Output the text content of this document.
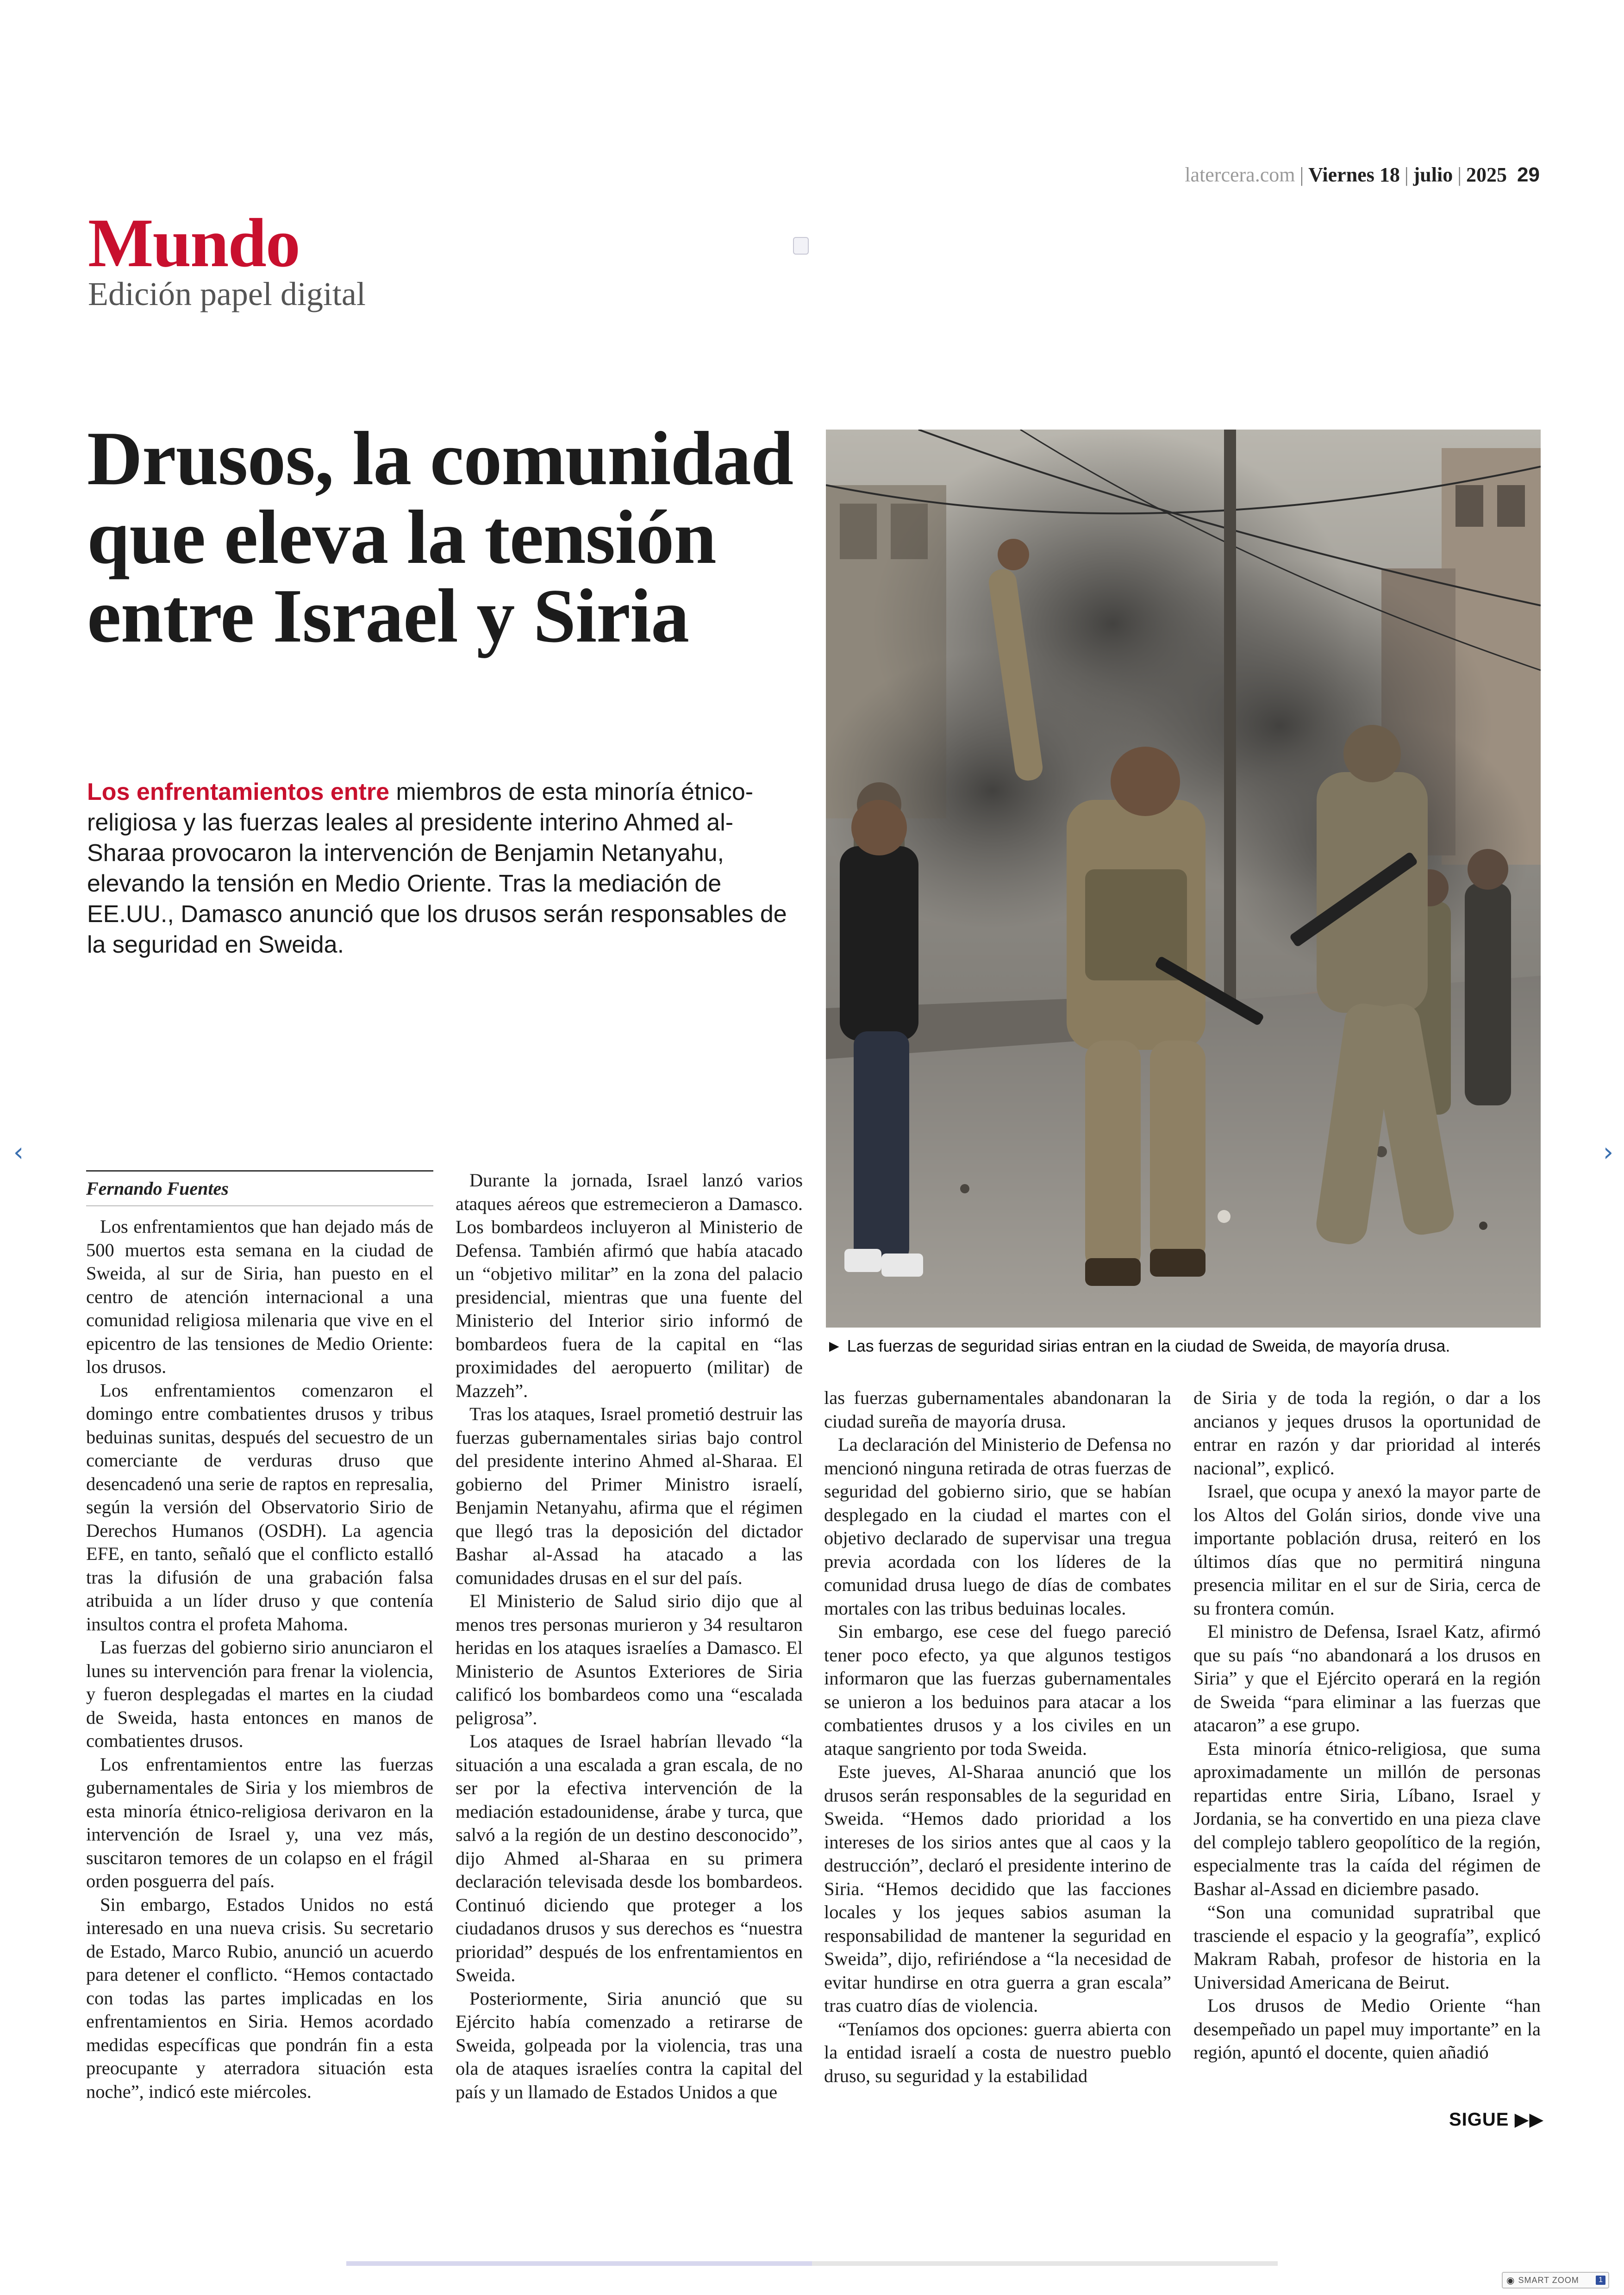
latercera.com | Viernes 18 | julio | 2025 29
Mundo
Edición papel digital
Drusos, la comunidad que eleva la tensión entre Israel y Siria
Los enfrentamientos entre miembros de esta minoría étnico-religiosa y las fuerzas leales al presidente interino Ahmed al-Sharaa provocaron la intervención de Benjamin Netanyahu, elevando la tensión en Medio Oriente. Tras la mediación de EE.UU., Damasco anunció que los drusos serán responsables de la seguridad en Sweida.
► Las fuerzas de seguridad sirias entran en la ciudad de Sweida, de mayoría drusa.
Fernando Fuentes

Los enfrentamientos que han dejado más de 500 muertos esta semana en la ciudad de Sweida, al sur de Siria, han puesto en el centro de atención internacional a una comunidad religiosa milenaria que vive en el epicentro de las tensiones de Medio Oriente: los drusos.

Los enfrentamientos comenzaron el domingo entre combatientes drusos y tribus beduinas sunitas, después del secuestro de un comerciante de verduras druso que desencadenó una serie de raptos en represalia, según la versión del Observatorio Sirio de Derechos Humanos (OSDH). La agencia EFE, en tanto, señaló que el conflicto estalló tras la difusión de una grabación falsa atribuida a un líder druso y que contenía insultos contra el profeta Mahoma.

Las fuerzas del gobierno sirio anunciaron el lunes su intervención para frenar la violencia, y fueron desplegadas el martes en la ciudad de Sweida, hasta entonces en manos de combatientes drusos.

Los enfrentamientos entre las fuerzas gubernamentales de Siria y los miembros de esta minoría étnico-religiosa derivaron en la intervención de Israel y, una vez más, suscitaron temores de un colapso en el frágil orden posguerra del país.

Sin embargo, Estados Unidos no está interesado en una nueva crisis. Su secretario de Estado, Marco Rubio, anunció un acuerdo para detener el conflicto. “Hemos contactado con todas las partes implicadas en los enfrentamientos en Siria. Hemos acordado medidas específicas que pondrán fin a esta preocupante y aterradora situación esta noche”, indicó este miércoles.

Durante la jornada, Israel lanzó varios ataques aéreos que estremecieron a Damasco. Los bombardeos incluyeron al Ministerio de Defensa. También afirmó que había atacado un “objetivo militar” en la zona del palacio presidencial, mientras que una fuente del Ministerio del Interior sirio informó de bombardeos fuera de la capital en “las proximidades del aeropuerto (militar) de Mazzeh”.

Tras los ataques, Israel prometió destruir las fuerzas gubernamentales sirias bajo control del presidente interino Ahmed al-Sharaa. El gobierno del Primer Ministro israelí, Benjamin Netanyahu, afirma que el régimen que llegó tras la deposición del dictador Bashar al-Assad ha atacado a las comunidades drusas en el sur del país.

El Ministerio de Salud sirio dijo que al menos tres personas murieron y 34 resultaron heridas en los ataques israelíes a Damasco. El Ministerio de Asuntos Exteriores de Siria calificó los bombardeos como una “escalada peligrosa”.

Los ataques de Israel habrían llevado “la situación a una escalada a gran escala, de no ser por la efectiva intervención de la mediación estadounidense, árabe y turca, que salvó a la región de un destino desconocido”, dijo Ahmed al-Sharaa en su primera declaración televisada desde los bombardeos. Continuó diciendo que proteger a los ciudadanos drusos y sus derechos es “nuestra prioridad” después de los enfrentamientos en Sweida.

Posteriormente, Siria anunció que su Ejército había comenzado a retirarse de Sweida, golpeada por la violencia, tras una ola de ataques israelíes contra la capital del país y un llamado de Estados Unidos a que

las fuerzas gubernamentales abandonaran la ciudad sureña de mayoría drusa.

La declaración del Ministerio de Defensa no mencionó ninguna retirada de otras fuerzas de seguridad del gobierno sirio, que se habían desplegado en la ciudad el martes con el objetivo declarado de supervisar una tregua previa acordada con los líderes de la comunidad drusa luego de días de combates mortales con las tribus beduinas locales.

Sin embargo, ese cese del fuego pareció tener poco efecto, ya que algunos testigos informaron que las fuerzas gubernamentales se unieron a los beduinos para atacar a los combatientes drusos y a los civiles en un ataque sangriento por toda Sweida.

Este jueves, Al-Sharaa anunció que los drusos serán responsables de la seguridad en Sweida. “Hemos dado prioridad a los intereses de los sirios antes que al caos y la destrucción”, declaró el presidente interino de Siria. “Hemos decidido que las facciones locales y los jeques sabios asuman la responsabilidad de mantener la seguridad en Sweida”, dijo, refiriéndose a “la necesidad de evitar hundirse en otra guerra a gran escala” tras cuatro días de violencia.

“Teníamos dos opciones: guerra abierta con la entidad israelí a costa de nuestro pueblo druso, su seguridad y la estabilidad

de Siria y de toda la región, o dar a los ancianos y jeques drusos la oportunidad de entrar en razón y dar prioridad al interés nacional”, explicó.

Israel, que ocupa y anexó la mayor parte de los Altos del Golán sirios, donde vive una importante población drusa, reiteró en los últimos días que no permitirá ninguna presencia militar en el sur de Siria, cerca de su frontera común.

El ministro de Defensa, Israel Katz, afirmó que su país “no abandonará a los drusos en Siria” y que el Ejército operará en la región de Sweida “para eliminar a las fuerzas que atacaron” a ese grupo.

Esta minoría étnico-religiosa, que suma aproximadamente un millón de personas repartidas entre Siria, Líbano, Israel y Jordania, se ha convertido en una pieza clave del complejo tablero geopolítico de la región, especialmente tras la caída del régimen de Bashar al-Assad en diciembre pasado.

“Son una comunidad supratribal que trasciende el espacio y la geografía”, explicó Makram Rabah, profesor de historia en la Universidad Americana de Beirut.

Los drusos de Medio Oriente “han desempeñado un papel muy importante” en la región, apuntó el docente, quien añadió

SIGUE ▶▶
‹	›
◉ SMART ZOOM	1
